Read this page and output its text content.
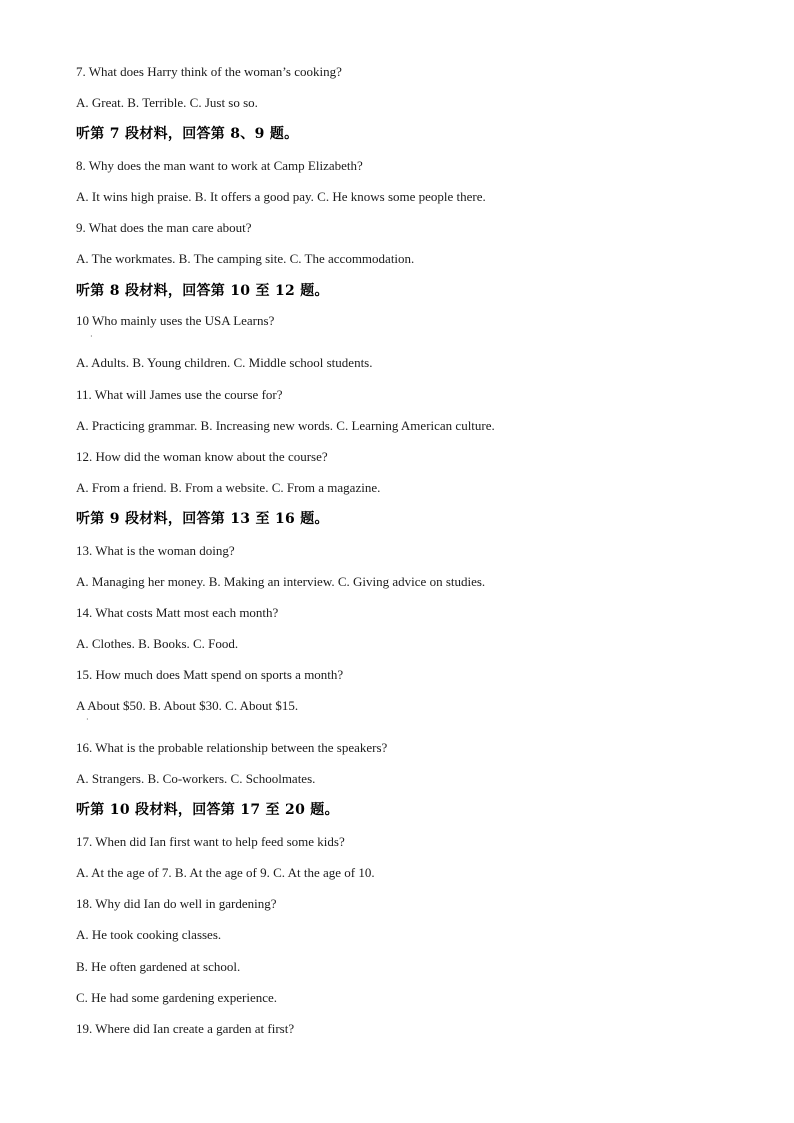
7. What does Harry think of the woman’s cooking?
A. Great. B. Terrible. C. Just so so.
听第 7 段材料，回答第 8、9 题。
8. Why does the man want to work at Camp Elizabeth?
A. It wins high praise. B. It offers a good pay. C. He knows some people there.
9. What does the man care about?
A. The workmates. B. The camping site. C. The accommodation.
听第 8 段材料，回答第 10 至 12 题。
10 Who mainly uses the USA Learns?
·
A. Adults. B. Young children. C. Middle school students.
11. What will James use the course for?
A. Practicing grammar. B. Increasing new words. C. Learning American culture.
12. How did the woman know about the course?
A. From a friend. B. From a website. C. From a magazine.
听第 9 段材料，回答第 13 至 16 题。
13. What is the woman doing?
A. Managing her money. B. Making an interview. C. Giving advice on studies.
14. What costs Matt most each month?
A. Clothes. B. Books. C. Food.
15. How much does Matt spend on sports a month?
A About $50. B. About $30. C. About $15.
·
16. What is the probable relationship between the speakers?
A. Strangers. B. Co-workers. C. Schoolmates.
听第 10 段材料，回答第 17 至 20 题。
17. When did Ian first want to help feed some kids?
A. At the age of 7. B. At the age of 9. C. At the age of 10.
18. Why did Ian do well in gardening?
A. He took cooking classes.
B. He often gardened at school.
C. He had some gardening experience.
19. Where did Ian create a garden at first?
